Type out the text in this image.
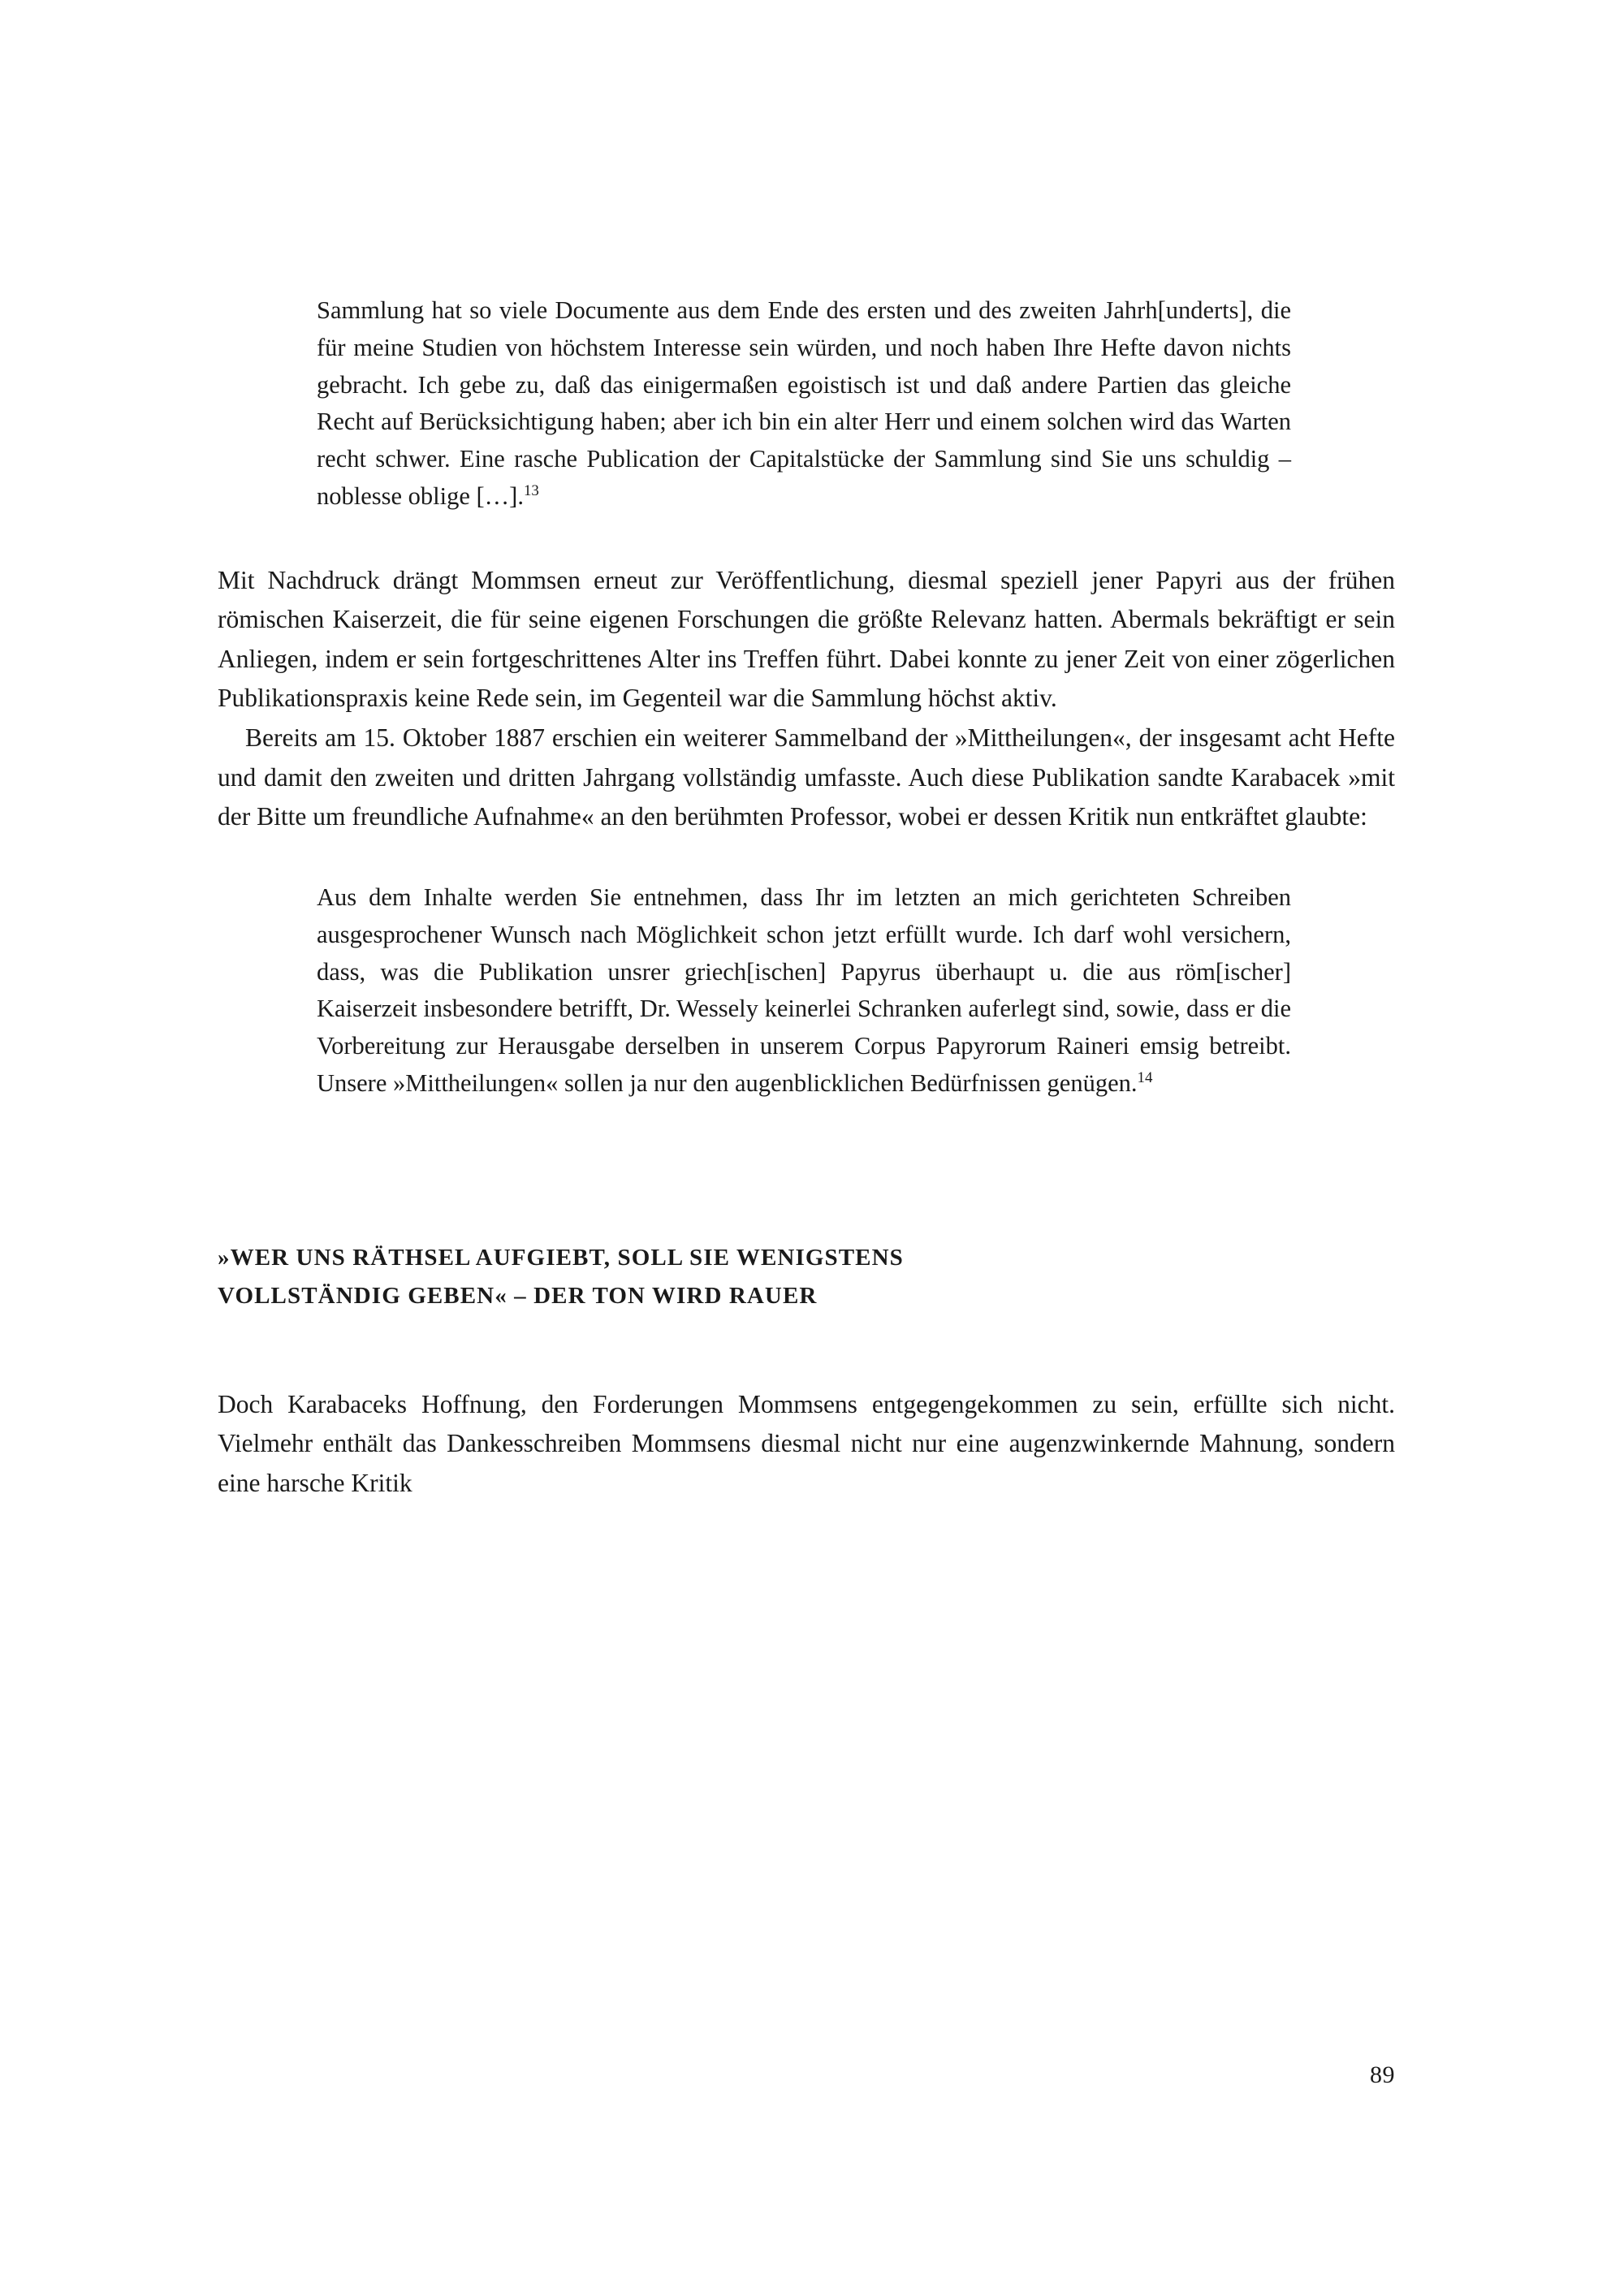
Sammlung hat so viele Documente aus dem Ende des ersten und des zweiten Jahrh[underts], die für meine Studien von höchstem Interesse sein würden, und noch haben Ihre Hefte davon nichts gebracht. Ich gebe zu, daß das einigermaßen egoistisch ist und daß andere Partien das gleiche Recht auf Berücksichtigung haben; aber ich bin ein alter Herr und einem solchen wird das Warten recht schwer. Eine rasche Publication der Capitalstücke der Sammlung sind Sie uns schuldig – noblesse oblige […].$^{13}$

Mit Nachdruck drängt Mommsen erneut zur Veröffentlichung, diesmal speziell jener Papyri aus der frühen römischen Kaiserzeit, die für seine eigenen Forschungen die größte Relevanz hatten. Abermals bekräftigt er sein Anliegen, indem er sein fortgeschrittenes Alter ins Treffen führt. Dabei konnte zu jener Zeit von einer zögerlichen Publikationspraxis keine Rede sein, im Gegenteil war die Sammlung höchst aktiv.

Bereits am 15. Oktober 1887 erschien ein weiterer Sammelband der »Mittheilungen«, der insgesamt acht Hefte und damit den zweiten und dritten Jahrgang vollständig umfasste. Auch diese Publikation sandte Karabacek »mit der Bitte um freundliche Aufnahme« an den berühmten Professor, wobei er dessen Kritik nun entkräftet glaubte:

Aus dem Inhalte werden Sie entnehmen, dass Ihr im letzten an mich gerichteten Schreiben ausgesprochener Wunsch nach Möglichkeit schon jetzt erfüllt wurde. Ich darf wohl versichern, dass, was die Publikation unsrer griech[ischen] Papyrus überhaupt u. die aus röm[ischer] Kaiserzeit insbesondere betrifft, Dr. Wessely keinerlei Schranken auferlegt sind, sowie, dass er die Vorbereitung zur Herausgabe derselben in unserem Corpus Papyrorum Raineri emsig betreibt. Unsere »Mittheilungen« sollen ja nur den augenblicklichen Bedürfnissen genügen.$^{14}$

»WER UNS RÄTHSEL AUFGIEBT, SOLL SIE WENIGSTENS
VOLLSTÄNDIG GEBEN« – DER TON WIRD RAUER

Doch Karabaceks Hoffnung, den Forderungen Mommsens entgegengekommen zu sein, erfüllte sich nicht. Vielmehr enthält das Dankesschreiben Mommsens diesmal nicht nur eine augenzwinkernde Mahnung, sondern eine harsche Kritik

89
